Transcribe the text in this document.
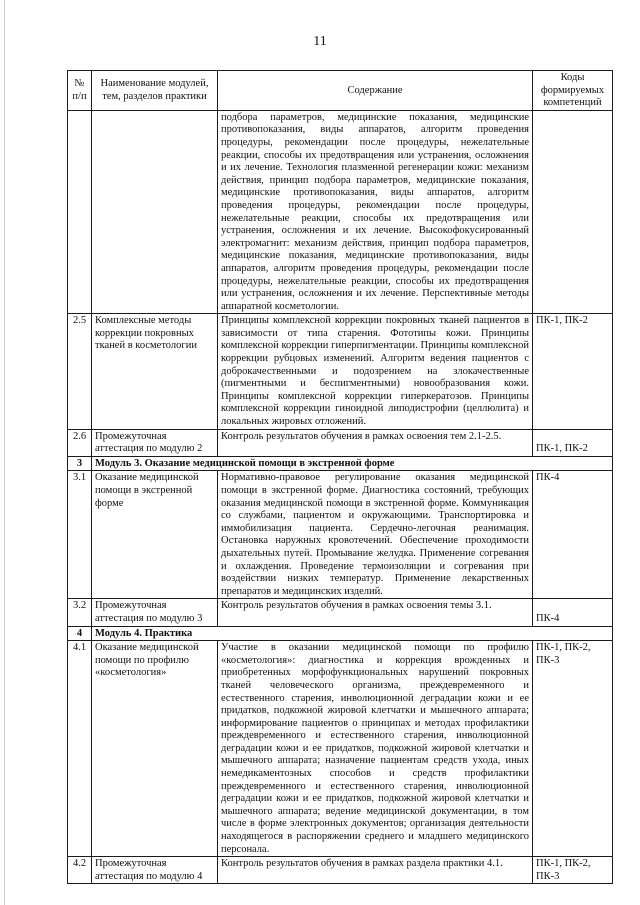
11
№ п/п	Наименование модулей, тем, разделов практики	Содержание	Коды формируемых компетенций
		подбора параметров, медицинские показания, медицинские противопоказания, виды аппаратов, алгоритм проведения процедуры, рекомендации после процедуры, нежелательные реакции, способы их предотвращения или устранения, осложнения и их лечение. Технология плазменной регенерации кожи: механизм действия, принцип подбора параметров, медицинские показания, медицинские противопоказания, виды аппаратов, алгоритм проведения процедуры, рекомендации после процедуры, нежелательные реакции, способы их предотвращения или устранения, осложнения и их лечение. Высокофокусированный электромагнит: механизм действия, принцип подбора параметров, медицинские показания, медицинские противопоказания, виды аппаратов, алгоритм проведения процедуры, рекомендации после процедуры, нежелательные реакции, способы их предотвращения или устранения, осложнения и их лечение. Перспективные методы аппаратной косметологии.	
2.5	Комплексные методы коррекции покровных тканей в косметологии	Принципы комплексной коррекции покровных тканей пациентов в зависимости от типа старения. Фототипы кожи. Принципы комплексной коррекции гиперпигментации. Принципы комплексной коррекции рубцовых изменений. Алгоритм ведения пациентов с доброкачественными и подозрением на злокачественные (пигментными и беспигментными) новообразования кожи. Принципы комплексной коррекции гиперкератозов. Принципы комплексной коррекции гиноидной липодистрофии (целлюлита) и локальных жировых отложений.	ПК-1, ПК-2
2.6	Промежуточная аттестация по модулю 2	Контроль результатов обучения в рамках освоения тем 2.1-2.5.	ПК-1, ПК-2
3	Модуль 3. Оказание медицинской помощи в экстренной форме		
3.1	Оказание медицинской помощи в экстренной форме	Нормативно-правовое регулирование оказания медицинской помощи в экстренной форме. Диагностика состояний, требующих оказания медицинской помощи в экстренной форме. Коммуникация со службами, пациентом и окружающими. Транспортировка и иммобилизация пациента. Сердечно-легочная реанимация. Остановка наружных кровотечений. Обеспечение проходимости дыхательных путей. Промывание желудка. Применение согревания и охлаждения. Проведение термоизоляции и согревания при воздействии низких температур. Применение лекарственных препаратов и медицинских изделий.	ПК-4
3.2	Промежуточная аттестация по модулю 3	Контроль результатов обучения в рамках освоения темы 3.1.	ПК-4
4	Модуль 4. Практика		
4.1	Оказание медицинской помощи по профилю «косметология»	Участие в оказании медицинской помощи по профилю «косметология»: диагностика и коррекция врожденных и приобретенных морфофункциональных нарушений покровных тканей человеческого организма, преждевременного и естественного старения, инволюционной деградации кожи и ее придатков, подкожной жировой клетчатки и мышечного аппарата; информирование пациентов о принципах и методах профилактики преждевременного и естественного старения, инволюционной деградации кожи и ее придатков, подкожной жировой клетчатки и мышечного аппарата; назначение пациентам средств ухода, иных немедикаментозных способов и средств профилактики преждевременного и естественного старения, инволюционной деградации кожи и ее придатков, подкожной жировой клетчатки и мышечного аппарата; ведение медицинской документации, в том числе в форме электронных документов; организация деятельности находящегося в распоряжении среднего и младшего медицинского персонала.	ПК-1, ПК-2, ПК-3
4.2	Промежуточная аттестация по модулю 4	Контроль результатов обучения в рамках раздела практики 4.1.	ПК-1, ПК-2, ПК-3
